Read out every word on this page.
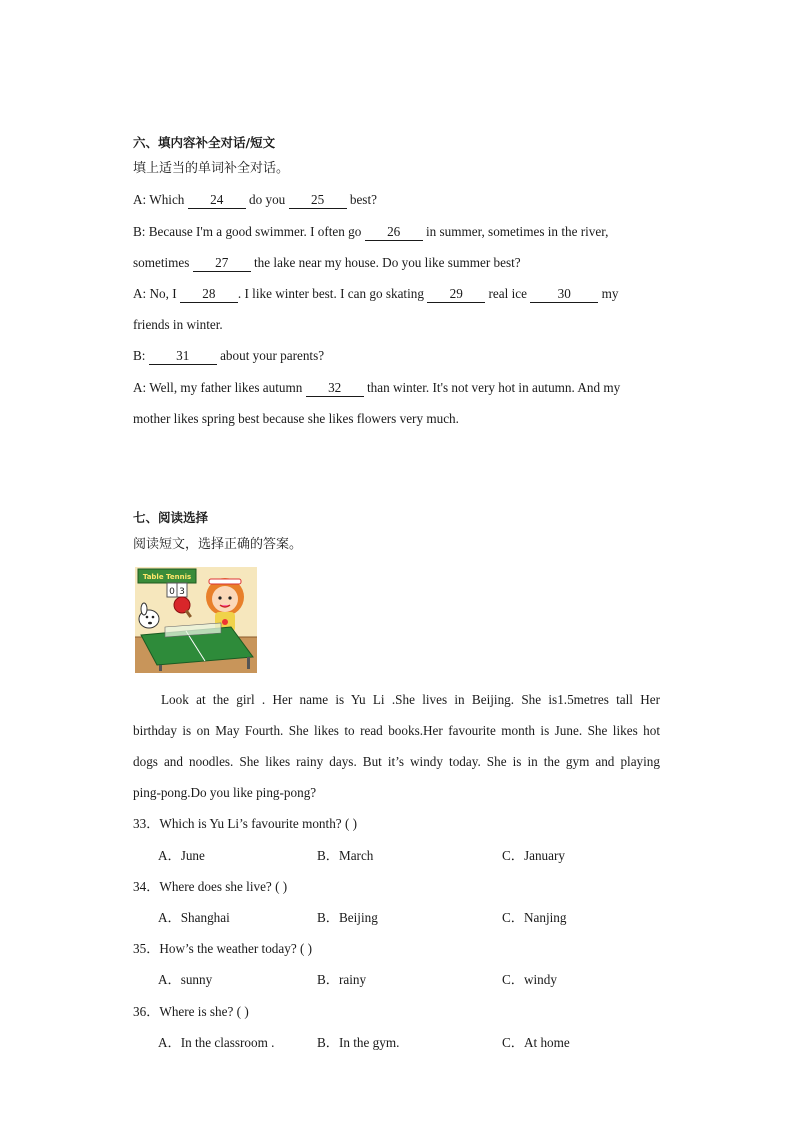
六、填内容补全对话/短文
填上适当的单词补全对话。
A: Which 24 do you 25 best?
B: Because I'm a good swimmer. I often go 26 in summer, sometimes in the river,
sometimes 27 the lake near my house. Do you like summer best?
A: No, I 28 . I like winter best. I can go skating 29 real ice 30 my
friends in winter.
B: 31 about your parents?
A: Well, my father likes autumn 32 than winter. It's not very hot in autumn. And my
mother likes spring best because she likes flowers very much.
七、阅读选择
阅读短文，选择正确的答案。
Table Tennis
0 3
Look at the girl . Her name is Yu Li .She lives in Beijing. She is1.5metres tall Her
birthday is on May Fourth. She likes to read books.Her favourite month is June. She likes hot
dogs and noodles. She likes rainy days. But it’s windy today. She is in the gym and playing
ping-pong.Do you like ping-pong?
33．Which is Yu Li’s favourite month? ( )
A．June	B．March	C．January
34．Where does she live? ( )
A．Shanghai	B．Beijing	C．Nanjing
35．How’s the weather today? ( )
A．sunny	B．rainy	C．windy
36．Where is she? ( )
A．In the classroom .	B．In the gym.	C．At home
